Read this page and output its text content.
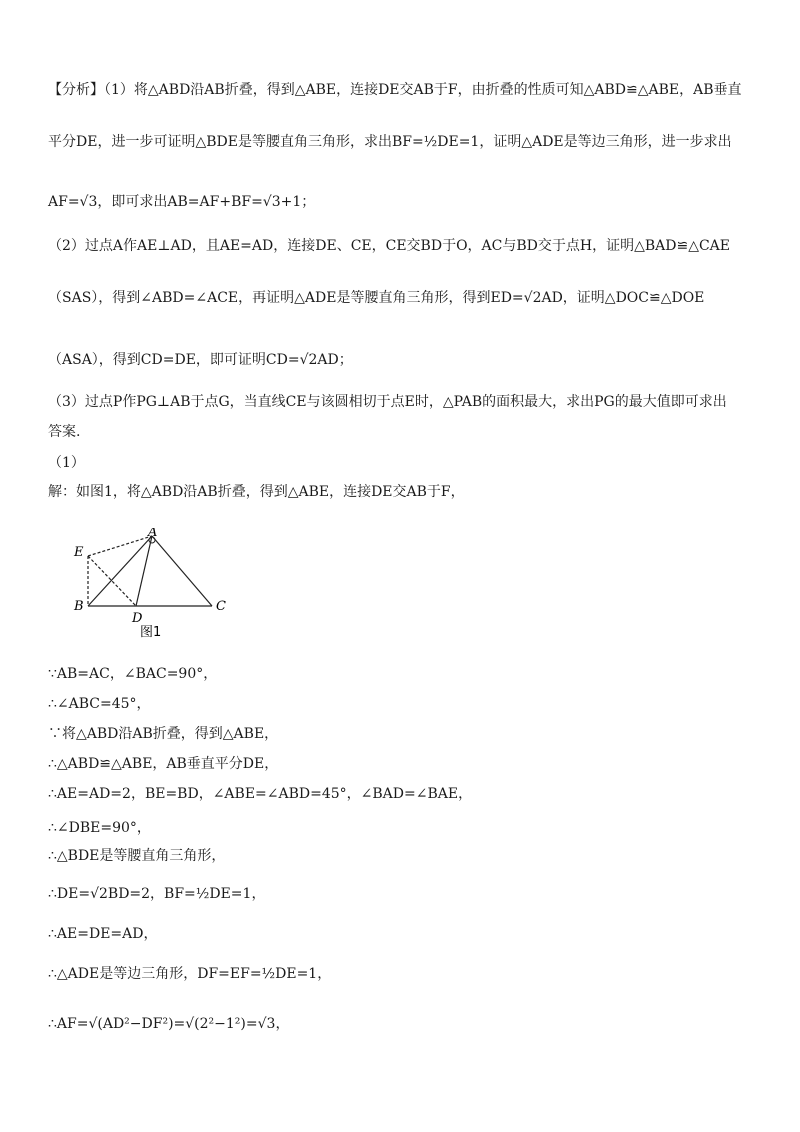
【分析】（1）将△ABD沿AB折叠，得到△ABE，连接DE交AB于F，由折叠的性质可知△ABD≌△ABE，AB垂直
平分DE，进一步可证明△BDE是等腰直角三角形，求出BF=½DE=1，证明△ADE是等边三角形，进一步求出
AF=√3，即可求出AB=AF+BF=√3+1；
（2）过点A作AE⊥AD，且AE=AD，连接DE、CE，CE交BD于O，AC与BD交于点H，证明△BAD≌△CAE
（SAS），得到∠ABD=∠ACE，再证明△ADE是等腰直角三角形，得到ED=√2AD，证明△DOC≌△DOE
（ASA），得到CD=DE，即可证明CD=√2AD；
（3）过点P作PG⊥AB于点G，当直线CE与该圆相切于点E时，△PAB的面积最大，求出PG的最大值即可求出
答案.
（1）
解：如图1，将△ABD沿AB折叠，得到△ABE，连接DE交AB于F，
A
B	C
D
E
图1
∵AB=AC，∠BAC=90°，
∴∠ABC=45°，
∵将△ABD沿AB折叠，得到△ABE，
∴△ABD≌△ABE，AB垂直平分DE，
∴AE=AD=2，BE=BD，∠ABE=∠ABD=45°，∠BAD=∠BAE，
∴∠DBE=90°，
∴△BDE是等腰直角三角形，
∴DE=√2BD=2，BF=½DE=1，
∴AE=DE=AD，
∴△ADE是等边三角形，DF=EF=½DE=1，
∴AF=√(AD²−DF²)=√(2²−1²)=√3，
